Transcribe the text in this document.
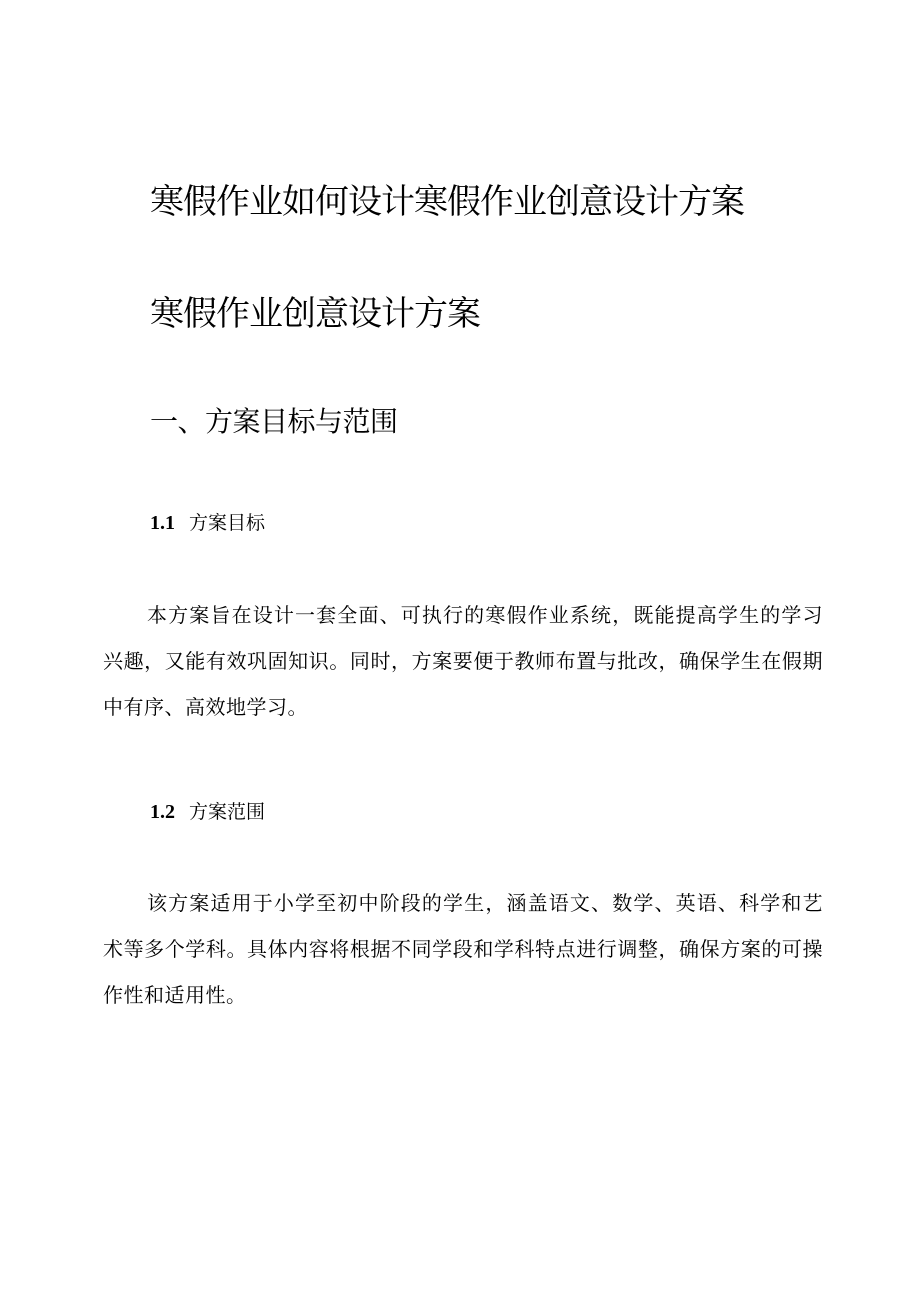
寒假作业如何设计寒假作业创意设计方案
寒假作业创意设计方案
一、方案目标与范围
1.1 方案目标

本方案旨在设计一套全面、可执行的寒假作业系统，既能提高学生的学习兴趣，又能有效巩固知识。同时，方案要便于教师布置与批改，确保学生在假期中有序、高效地学习。

1.2 方案范围

该方案适用于小学至初中阶段的学生，涵盖语文、数学、英语、科学和艺术等多个学科。具体内容将根据不同学段和学科特点进行调整，确保方案的可操作性和适用性。
